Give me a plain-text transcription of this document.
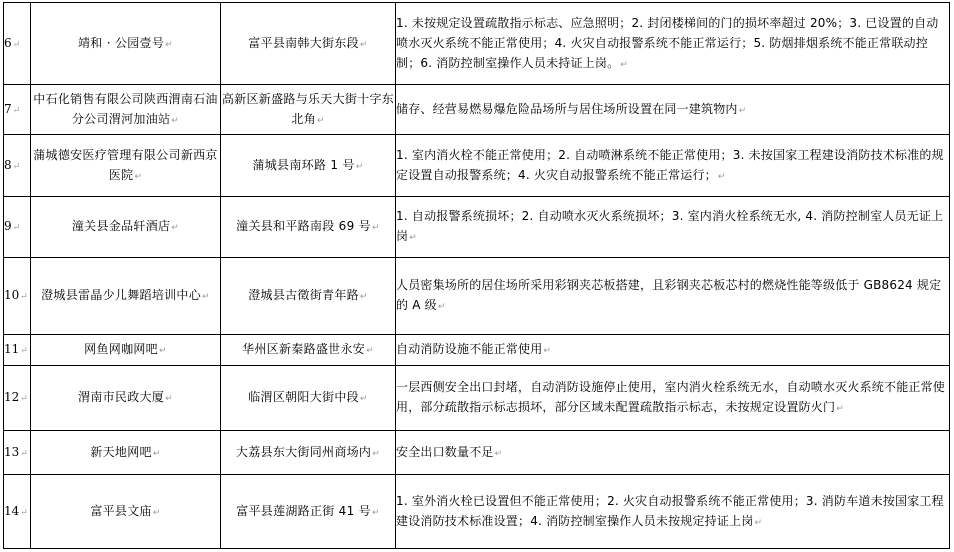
6↵	靖和 · 公园壹号↵	富平县南韩大街东段↵	1. 未按规定设置疏散指示标志、应急照明；2. 封闭楼梯间的门的损坏率超过 20%；3. 已设置的自动喷水灭火系统不能正常使用；4. 火灾自动报警系统不能正常运行；5. 防烟排烟系统不能正常联动控制；6. 消防控制室操作人员未持证上岗。↵
7↵	中石化销售有限公司陕西渭南石油分公司渭河加油站↵	高新区新盛路与乐天大街十字东北角↵	储存、经营易燃易爆危险品场所与居住场所设置在同一建筑物内↵
8↵	蒲城德安医疗管理有限公司新西京医院↵	蒲城县南环路 1 号↵	1. 室内消火栓不能正常使用；2. 自动喷淋系统不能正常使用；3. 未按国家工程建设消防技术标准的规定设置自动报警系统；4. 火灾自动报警系统不能正常运行；↵
9↵	潼关县金品轩酒店↵	潼关县和平路南段 69 号↵	1. 自动报警系统损坏；2. 自动喷水灭火系统损坏；3. 室内消火栓系统无水, 4. 消防控制室人员无证上岗↵
10↵	澄城县雷晶少儿舞蹈培训中心↵	澄城县古徵街青年路↵	人员密集场所的居住场所采用彩钢夹芯板搭建，且彩钢夹芯板芯村的燃烧性能等级低于 GB8624 规定的 A 级↵
11↵	网鱼网咖网吧↵	华州区新秦路盛世永安↵	自动消防设施不能正常使用↵
12↵	渭南市民政大厦↵	临渭区朝阳大街中段↵	一层西侧安全出口封堵，自动消防设施停止使用，室内消火栓系统无水，自动喷水灭火系统不能正常使用，部分疏散指示标志损坏，部分区域未配置疏散指示标志，未按规定设置防火门↵
13↵	新天地网吧↵	大荔县东大街同州商场内↵	安全出口数量不足↵
14↵	富平县文庙↵	富平县莲湖路正街 41 号↵	1. 室外消火栓已设置但不能正常使用；2. 火灾自动报警系统不能正常使用；3. 消防车道未按国家工程建设消防技术标准设置；4. 消防控制室操作人员未按规定持证上岗↵
